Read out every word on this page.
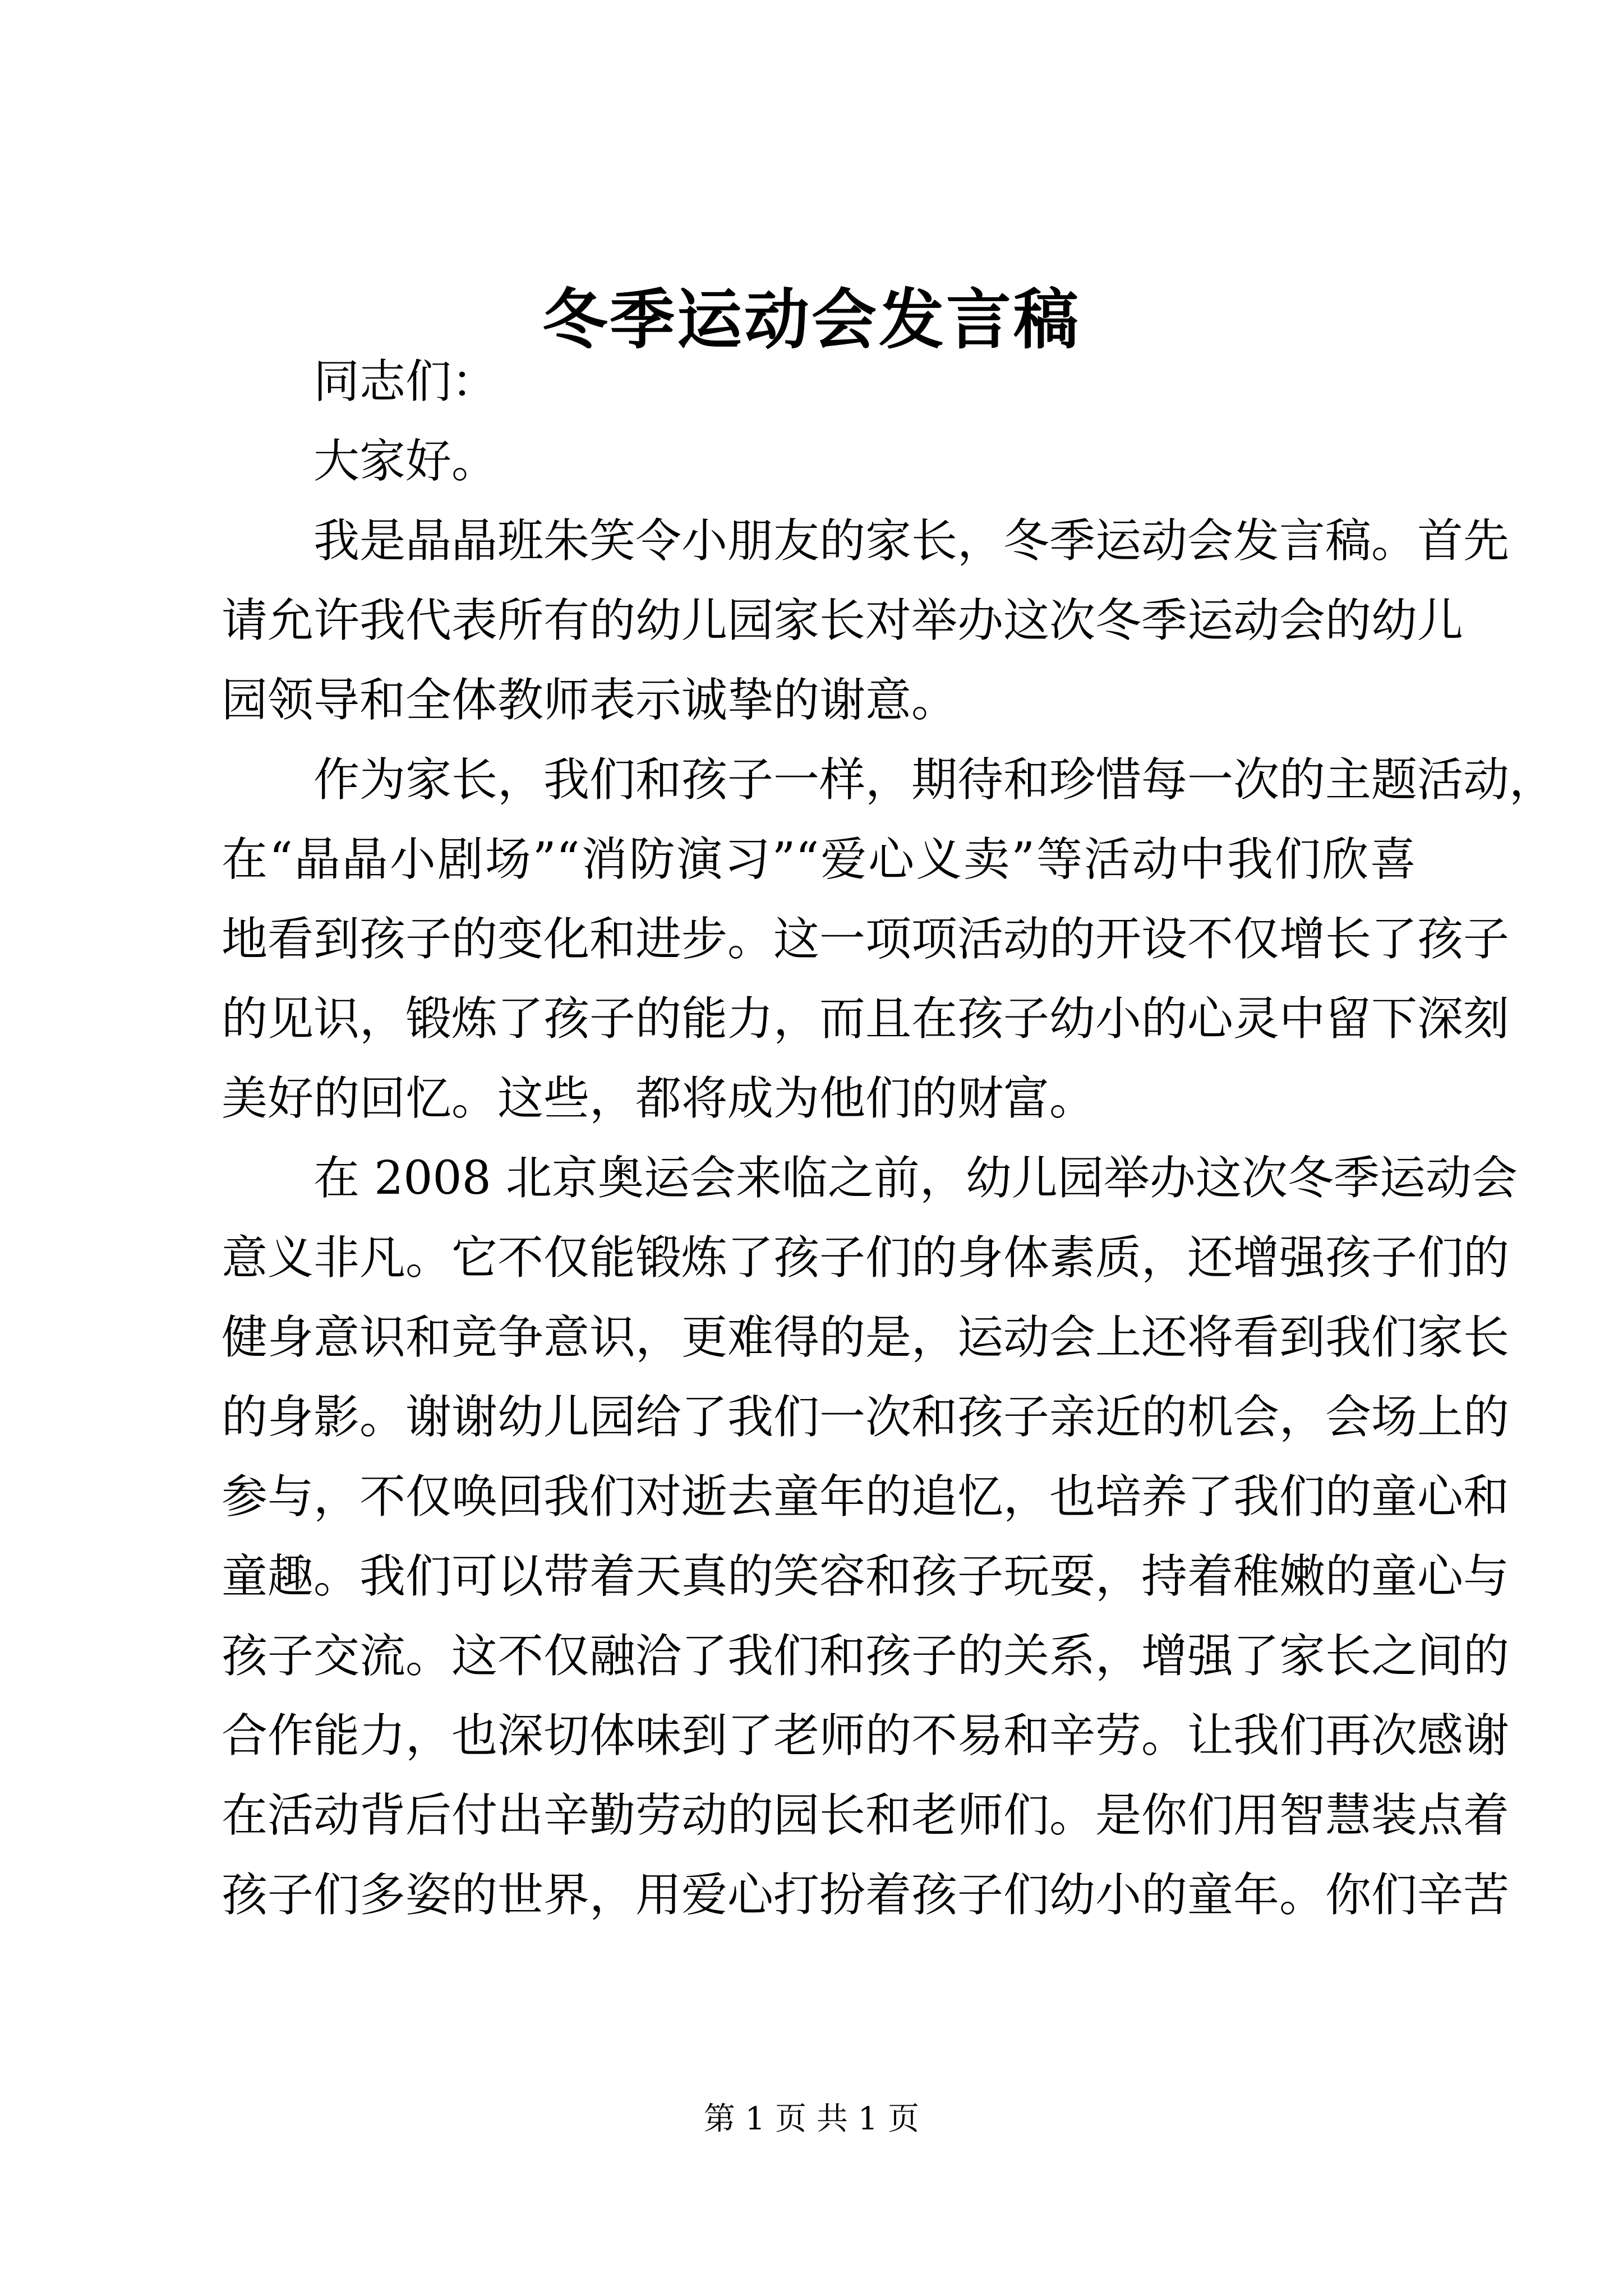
冬季运动会发言稿
同志们：
大家好。
我是晶晶班朱笑令小朋友的家长，冬季运动会发言稿。首先
请允许我代表所有的幼儿园家长对举办这次冬季运动会的幼儿
园领导和全体教师表示诚挚的谢意。
作为家长，我们和孩子一样，期待和珍惜每一次的主题活动，
在“晶晶小剧场”“消防演习”“爱心义卖”等活动中我们欣喜
地看到孩子的变化和进步。这一项项活动的开设不仅增长了孩子
的见识，锻炼了孩子的能力，而且在孩子幼小的心灵中留下深刻
美好的回忆。这些，都将成为他们的财富。
在 2008 北京奥运会来临之前，幼儿园举办这次冬季运动会
意义非凡。它不仅能锻炼了孩子们的身体素质，还增强孩子们的
健身意识和竞争意识，更难得的是，运动会上还将看到我们家长
的身影。谢谢幼儿园给了我们一次和孩子亲近的机会，会场上的
参与，不仅唤回我们对逝去童年的追忆，也培养了我们的童心和
童趣。我们可以带着天真的笑容和孩子玩耍，持着稚嫩的童心与
孩子交流。这不仅融洽了我们和孩子的关系，增强了家长之间的
合作能力，也深切体味到了老师的不易和辛劳。让我们再次感谢
在活动背后付出辛勤劳动的园长和老师们。是你们用智慧装点着
孩子们多姿的世界，用爱心打扮着孩子们幼小的童年。你们辛苦
第 1 页 共 1 页
